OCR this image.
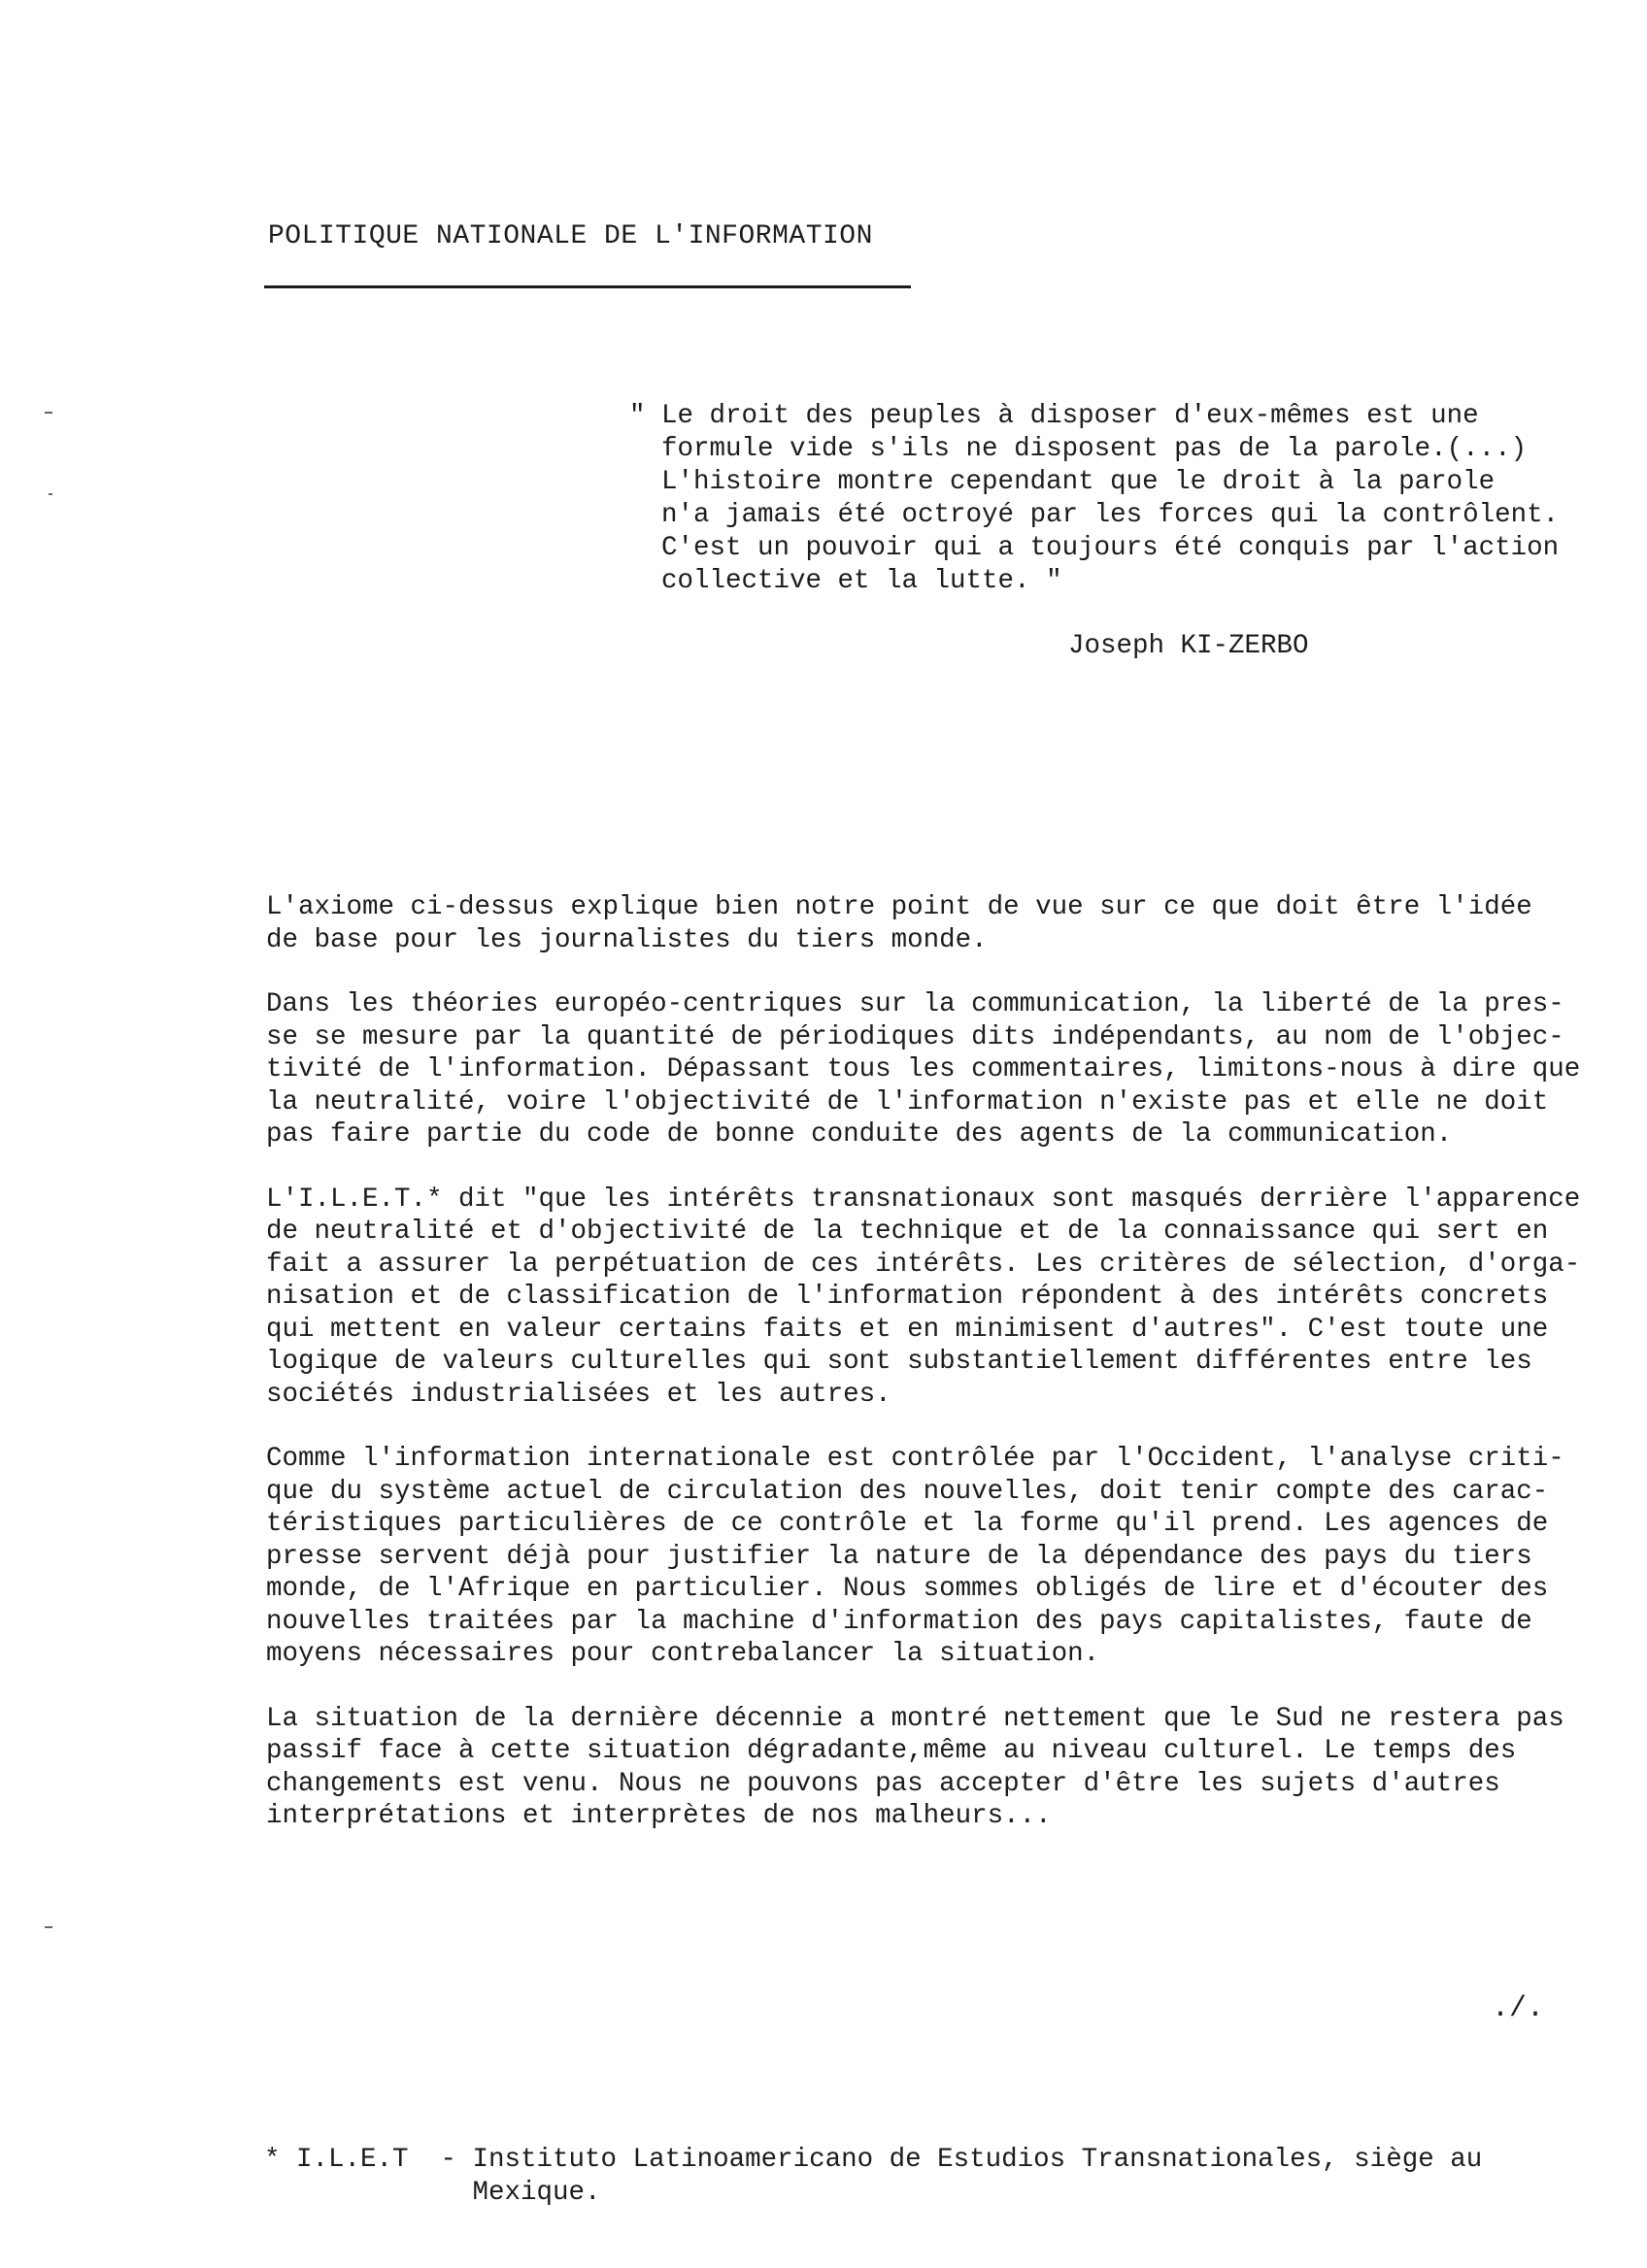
POLITIQUE NATIONALE DE L'INFORMATION
" Le droit des peuples à disposer d'eux-mêmes est une
formule vide s'ils ne disposent pas de la parole.(...)
L'histoire montre cependant que le droit à la parole
n'a jamais été octroyé par les forces qui la contrôlent.
C'est un pouvoir qui a toujours été conquis par l'action
collective et la lutte. "
Joseph KI-ZERBO
L'axiome ci-dessus explique bien notre point de vue sur ce que doit être l'idée
de base pour les journalistes du tiers monde.
Dans les théories européo-centriques sur la communication, la liberté de la pres-
se se mesure par la quantité de périodiques dits indépendants, au nom de l'objec-
tivité de l'information. Dépassant tous les commentaires, limitons-nous à dire que
la neutralité, voire l'objectivité de l'information n'existe pas et elle ne doit
pas faire partie du code de bonne conduite des agents de la communication.
L'I.L.E.T.* dit "que les intérêts transnationaux sont masqués derrière l'apparence
de neutralité et d'objectivité de la technique et de la connaissance qui sert en
fait a assurer la perpétuation de ces intérêts. Les critères de sélection, d'orga-
nisation et de classification de l'information répondent à des intérêts concrets
qui mettent en valeur certains faits et en minimisent d'autres". C'est toute une
logique de valeurs culturelles qui sont substantiellement différentes entre les
sociétés industrialisées et les autres.
Comme l'information internationale est contrôlée par l'Occident, l'analyse criti-
que du système actuel de circulation des nouvelles, doit tenir compte des carac-
téristiques particulières de ce contrôle et la forme qu'il prend. Les agences de
presse servent déjà pour justifier la nature de la dépendance des pays du tiers
monde, de l'Afrique en particulier. Nous sommes obligés de lire et d'écouter des
nouvelles traitées par la machine d'information des pays capitalistes, faute de
moyens nécessaires pour contrebalancer la situation.
La situation de la dernière décennie a montré nettement que le Sud ne restera pas
passif face à cette situation dégradante,même au niveau culturel. Le temps des
changements est venu. Nous ne pouvons pas accepter d'être les sujets d'autres
interprétations et interprètes de nos malheurs...
./.
* I.L.E.T  - Instituto Latinoamericano de Estudios Transnationales, siège au
Mexique.
